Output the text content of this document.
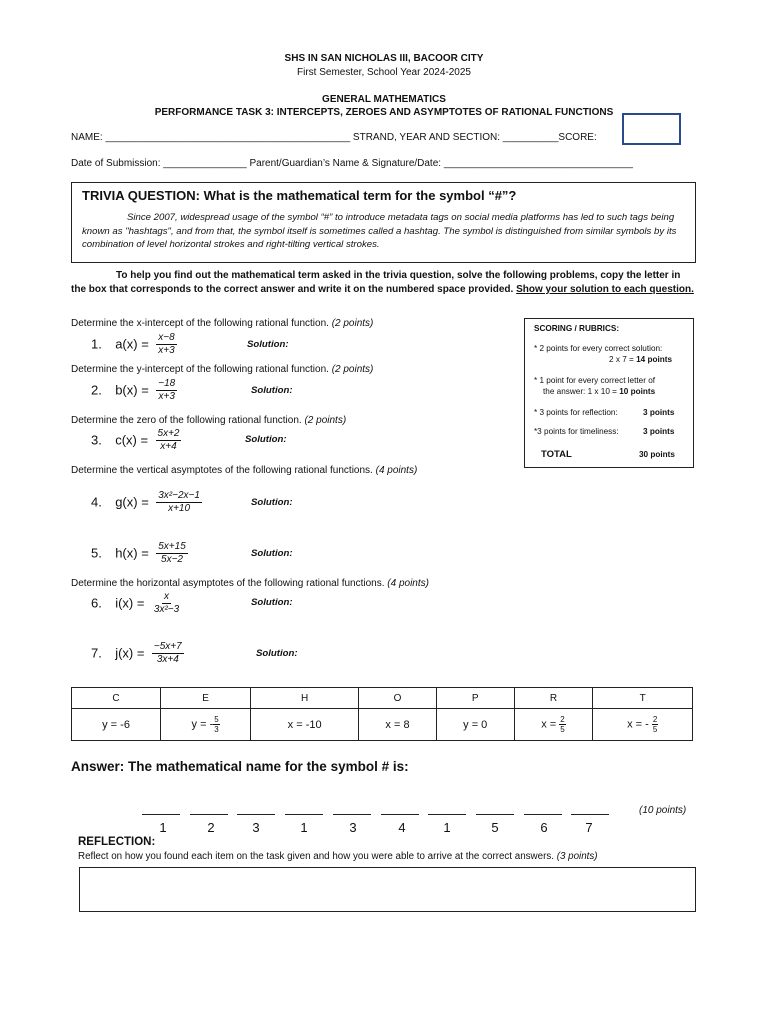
SHS IN SAN NICHOLAS III, BACOOR CITY
First Semester, School Year 2024-2025
GENERAL MATHEMATICS
PERFORMANCE TASK 3: INTERCEPTS, ZEROES AND ASYMPTOTES OF RATIONAL FUNCTIONS
NAME: ____________________________________________ STRAND, YEAR AND SECTION: __________SCORE:
Date of Submission: _______________ Parent/Guardian’s Name & Signature/Date: __________________________________
TRIVIA QUESTION: What is the mathematical term for the symbol “#”?
Since 2007, widespread usage of the symbol “#” to introduce metadata tags on social media platforms has led to such tags being known as "hashtags", and from that, the symbol itself is sometimes called a hashtag. The symbol is distinguished from similar symbols by its combination of level horizontal strokes and right-tilting vertical strokes.
To help you find out the mathematical term asked in the trivia question, solve the following problems, copy the letter in the box that corresponds to the correct answer and write it on the numbered space provided. Show your solution to each question.
SCORING / RUBRICS:
* 2 points for every correct solution:
2 x 7 = 14 points
* 1 point for every correct letter of
the answer: 1 x 10 = 10 points
* 3 points for reflection:	3 points
*3 points for timeliness:	3 points
TOTAL	30 points
Determine the x-intercept of the following rational function. (2 points)
1. $a(x) = \frac{x-8}{x+3}$	Solution:
Determine the y-intercept of the following rational function. (2 points)
2. $b(x) = \frac{-18}{x+3}$	Solution:
Determine the zero of the following rational function. (2 points)
3. $c(x) = \frac{5x+2}{x+4}$	Solution:
Determine the vertical asymptotes of the following rational functions. (4 points)
4. $g(x) = \frac{\text{3x²−2x−1}}{x+10}$	Solution:
5. $h(x) = \frac{5x+15}{5x-2}$	Solution:
Determine the horizontal asymptotes of the following rational functions. (4 points)
6. $i(x) = \frac{x}{\text{3x²−3}}$	Solution:
7. $j(x) = \frac{-5x+7}{3x+4}$	Solution:
C	E	H	O	P	R	T
y = -6	y = - $\frac{5}{3}$	x = -10	x = 8	y = 0	$x = \frac{2}{5}$	x = - $\frac{2}{5}$
Answer: The mathematical name for the symbol # is:
(10 points)
1	2	3	1	3	4	1	5	6	7
REFLECTION:
Reflect on how you found each item on the task given and how you were able to arrive at the correct answers. (3 points)
